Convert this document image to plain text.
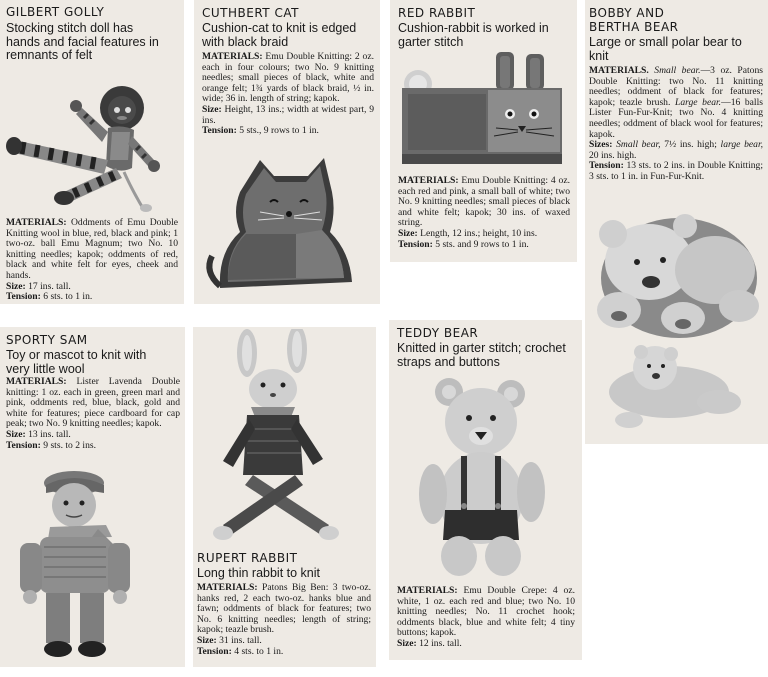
GILBERT GOLLY
Stocking stitch doll has hands and facial features in remnants of felt
MATERIALS: Oddments of Emu Double Knitting wool in blue, red, black and pink; 1 two-oz. ball Emu Magnum; two No. 10 knitting needles; kapok; oddments of red, black and white felt for eyes, cheek and hands.
Size: 17 ins. tall.
Tension: 6 sts. to 1 in.
CUTHBERT CAT
Cushion-cat to knit is edged with black braid
MATERIALS: Emu Double Knitting: 2 oz. each in four colours; two No. 9 knitting needles; small pieces of black, white and orange felt; 1¾ yards of black braid, ½ in. wide; 36 in. length of string; kapok.
Size: Height, 13 ins.; width at widest part, 9 ins.
Tension: 5 sts., 9 rows to 1 in.
RED RABBIT
Cushion-rabbit is worked in garter stitch
MATERIALS: Emu Double Knitting: 4 oz. each red and pink, a small ball of white; two No. 9 knitting needles; small pieces of black and white felt; kapok; 30 ins. of waxed string.
Size: Length, 12 ins.; height, 10 ins.
Tension: 5 sts. and 9 rows to 1 in.
BOBBY AND
BERTHA BEAR
Large or small polar bear to knit
MATERIALS. Small bear.—3 oz. Patons Double Knitting: two No. 11 knitting needles; oddment of black for features; kapok; teazle brush. Large bear.—16 balls Lister Fun-Fur-Knit; two No. 4 knitting needles; oddment of black wool for features; kapok.
Sizes: Small bear, 7½ ins. high; large bear, 20 ins. high.
Tension: 13 sts. to 2 ins. in Double Knitting; 3 sts. to 1 in. in Fun-Fur-Knit.
SPORTY SAM
Toy or mascot to knit with very little wool
MATERIALS: Lister Lavenda Double knitting: 1 oz. each in green, green marl and pink, oddments red, blue, black, gold and white for features; piece cardboard for cap peak; two No. 9 knitting needles; kapok.
Size: 13 ins. tall.
Tension: 9 sts. to 2 ins.
RUPERT RABBIT
Long thin rabbit to knit
MATERIALS: Patons Big Ben: 3 two-oz. hanks red, 2 each two-oz. hanks blue and fawn; oddments of black for features; two No. 6 knitting needles; length of string; kapok; teazle brush.
Size: 31 ins. tall.
Tension: 4 sts. to 1 in.
TEDDY BEAR
Knitted in garter stitch; crochet straps and buttons
MATERIALS: Emu Double Crepe: 4 oz. white, 1 oz. each red and blue; two No. 10 knitting needles; No. 11 crochet hook; oddments black, blue and white felt; 4 tiny buttons; kapok.
Size: 12 ins. tall.
